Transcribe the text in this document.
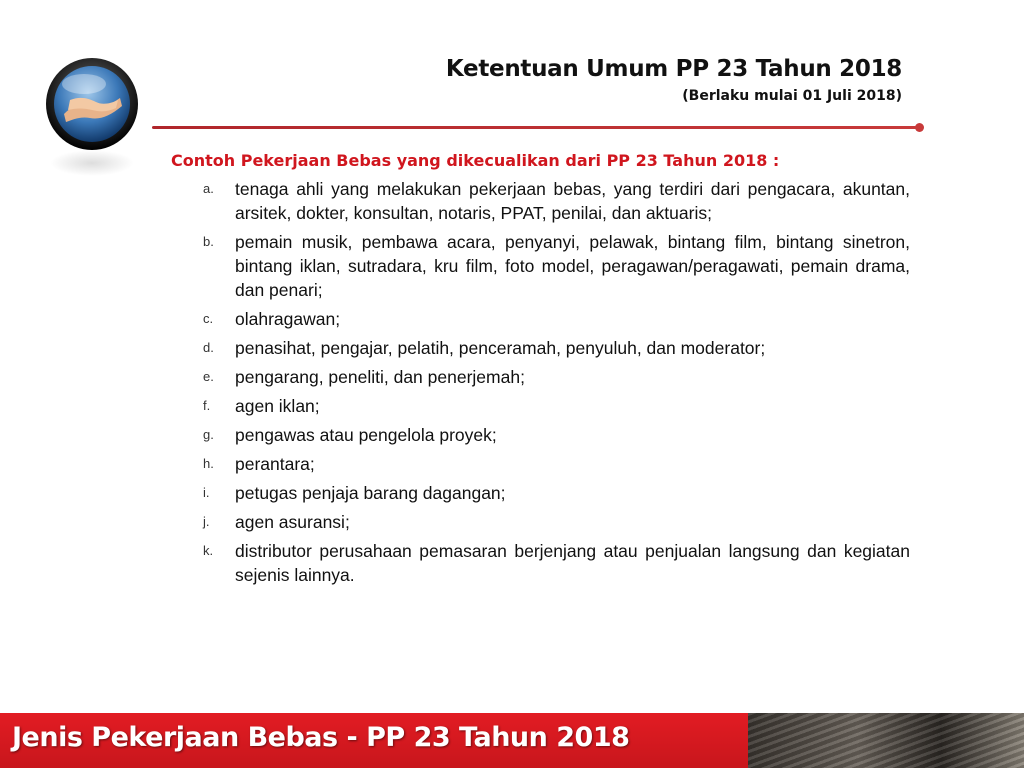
Ketentuan Umum PP 23 Tahun 2018
(Berlaku mulai 01 Juli 2018)
Contoh Pekerjaan Bebas yang dikecualikan dari PP 23 Tahun 2018 :
a.	tenaga ahli yang melakukan pekerjaan bebas, yang terdiri dari pengacara, akuntan, arsitek, dokter, konsultan, notaris, PPAT, penilai, dan aktuaris;
b.	pemain musik, pembawa acara, penyanyi, pelawak, bintang film, bintang sinetron, bintang iklan, sutradara, kru film, foto model, peragawan/peragawati, pemain drama, dan penari;
c.	olahragawan;
d.	penasihat, pengajar, pelatih, penceramah, penyuluh, dan moderator;
e.	pengarang, peneliti, dan penerjemah;
f.	agen iklan;
g.	pengawas atau pengelola proyek;
h.	perantara;
i.	petugas penjaja barang dagangan;
j.	agen asuransi;
k.	distributor perusahaan pemasaran berjenjang atau penjualan langsung dan kegiatan sejenis lainnya.
Jenis Pekerjaan Bebas - PP 23 Tahun 2018
